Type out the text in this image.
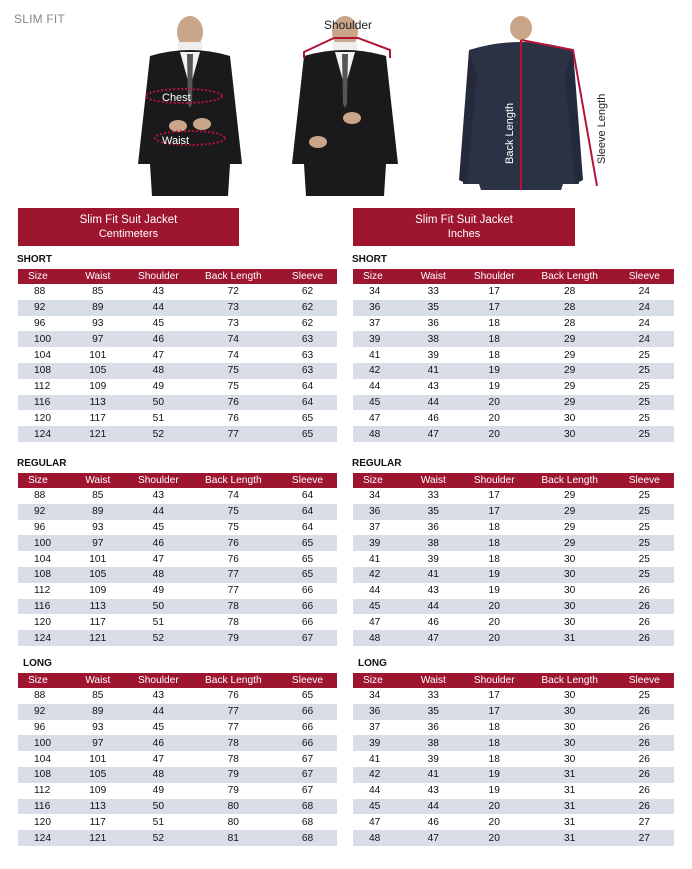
SLIM FIT
Chest
Waist
Shoulder
Back Length	Sleeve Length
Slim Fit Suit Jacket
Centimeters
Slim Fit Suit Jacket
Inches
SHORT
Size	Waist	Shoulder	Back Length	Sleeve
88	85	43	72	62
92	89	44	73	62
96	93	45	73	62
100	97	46	74	63
104	101	47	74	63
108	105	48	75	63
112	109	49	75	64
116	113	50	76	64
120	117	51	76	65
124	121	52	77	65
REGULAR
Size	Waist	Shoulder	Back Length	Sleeve
88	85	43	74	64
92	89	44	75	64
96	93	45	75	64
100	97	46	76	65
104	101	47	76	65
108	105	48	77	65
112	109	49	77	66
116	113	50	78	66
120	117	51	78	66
124	121	52	79	67
LONG
Size	Waist	Shoulder	Back Length	Sleeve
88	85	43	76	65
92	89	44	77	66
96	93	45	77	66
100	97	46	78	66
104	101	47	78	67
108	105	48	79	67
112	109	49	79	67
116	113	50	80	68
120	117	51	80	68
124	121	52	81	68
SHORT
Size	Waist	Shoulder	Back Length	Sleeve
34	33	17	28	24
36	35	17	28	24
37	36	18	28	24
39	38	18	29	24
41	39	18	29	25
42	41	19	29	25
44	43	19	29	25
45	44	20	29	25
47	46	20	30	25
48	47	20	30	25
REGULAR
Size	Waist	Shoulder	Back Length	Sleeve
34	33	17	29	25
36	35	17	29	25
37	36	18	29	25
39	38	18	29	25
41	39	18	30	25
42	41	19	30	25
44	43	19	30	26
45	44	20	30	26
47	46	20	30	26
48	47	20	31	26
LONG
Size	Waist	Shoulder	Back Length	Sleeve
34	33	17	30	25
36	35	17	30	26
37	36	18	30	26
39	38	18	30	26
41	39	18	30	26
42	41	19	31	26
44	43	19	31	26
45	44	20	31	26
47	46	20	31	27
48	47	20	31	27
